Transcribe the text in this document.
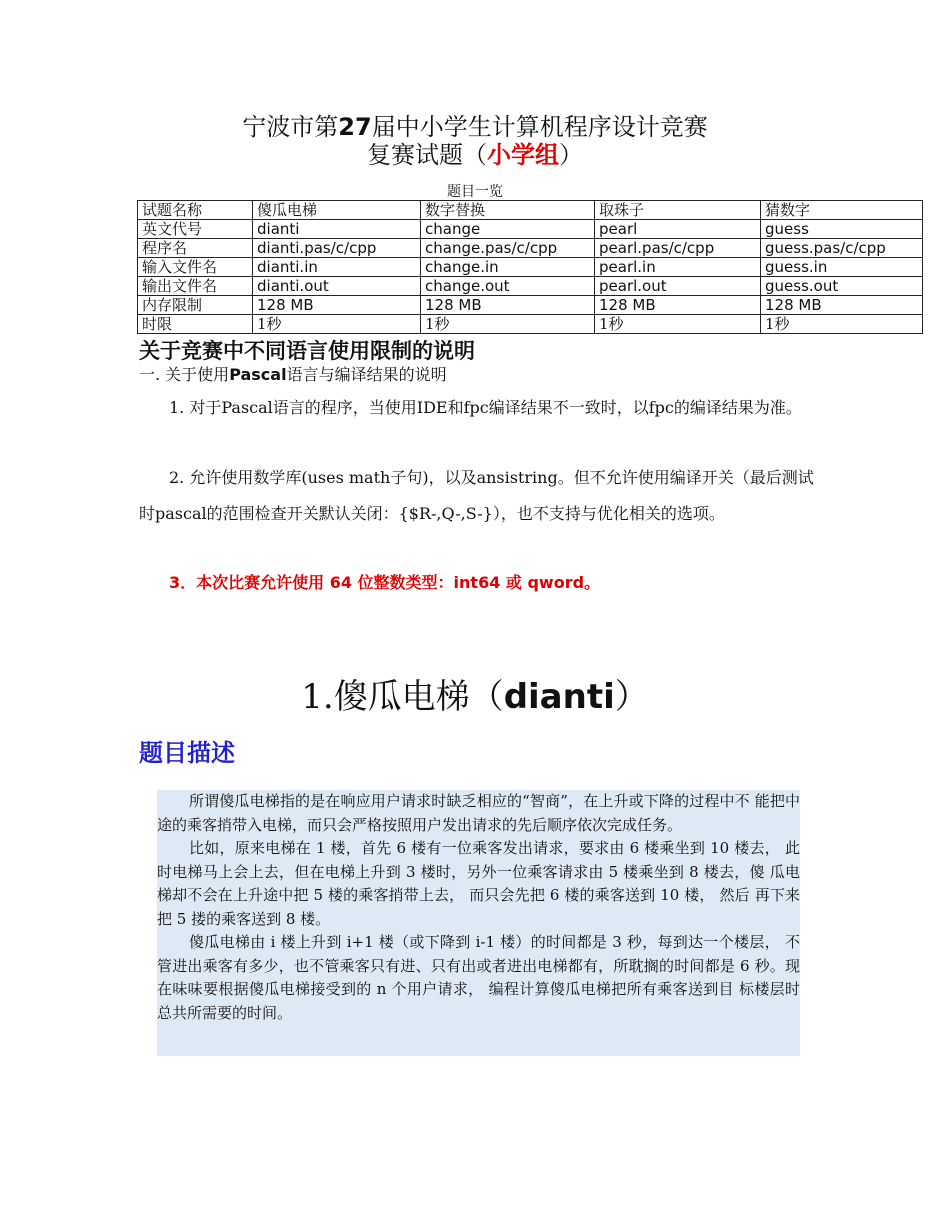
宁波市第27届中小学生计算机程序设计竞赛
复赛试题（小学组）
题目一览
试题名称	傻瓜电梯	数字替换	取珠子	猜数字
英文代号	dianti	change	pearl	guess
程序名	dianti.pas/c/cpp	change.pas/c/cpp	pearl.pas/c/cpp	guess.pas/c/cpp
输入文件名	dianti.in	change.in	pearl.in	guess.in
输出文件名	dianti.out	change.out	pearl.out	guess.out
内存限制	128 MB	128 MB	128 MB	128 MB
时限	1秒	1秒	1秒	1秒
关于竞赛中不同语言使用限制的说明
一. 关于使用Pascal语言与编译结果的说明
1. 对于Pascal语言的程序，当使用IDE和fpc编译结果不一致时，以fpc的编译结果为准。
2. 允许使用数学库(uses math子句)，以及ansistring。但不允许使用编译开关（最后测试时pascal的范围检查开关默认关闭：{$R-,Q-,S-}），也不支持与优化相关的选项。
3．本次比赛允许使用 64 位整数类型：int64 或 qword。
1.傻瓜电梯（dianti）
题目描述

所谓傻瓜电梯指的是在响应用户请求时缺乏相应的“智商”，在上升或下降的过程中不 能把中途的乘客捎带入电梯，而只会严格按照用户发出请求的先后顺序依次完成任务。

比如，原来电梯在 1 楼，首先 6 楼有一位乘客发出请求，要求由 6 楼乘坐到 10 楼去， 此时电梯马上会上去，但在电梯上升到 3 楼时，另外一位乘客请求由 5 楼乘坐到 8 楼去，傻 瓜电梯却不会在上升途中把 5 楼的乘客捎带上去， 而只会先把 6 楼的乘客送到 10 楼， 然后 再下来把 5 搂的乘客送到 8 楼。

傻瓜电梯由 i 楼上升到 i+1 楼（或下降到 i-1 楼）的时间都是 3 秒，每到达一个楼层， 不管进出乘客有多少，也不管乘客只有进、只有出或者进出电梯都有，所耽搁的时间都是 6 秒。现在味味要根据傻瓜电梯接受到的 n 个用户请求， 编程计算傻瓜电梯把所有乘客送到目 标楼层时总共所需要的时间。
